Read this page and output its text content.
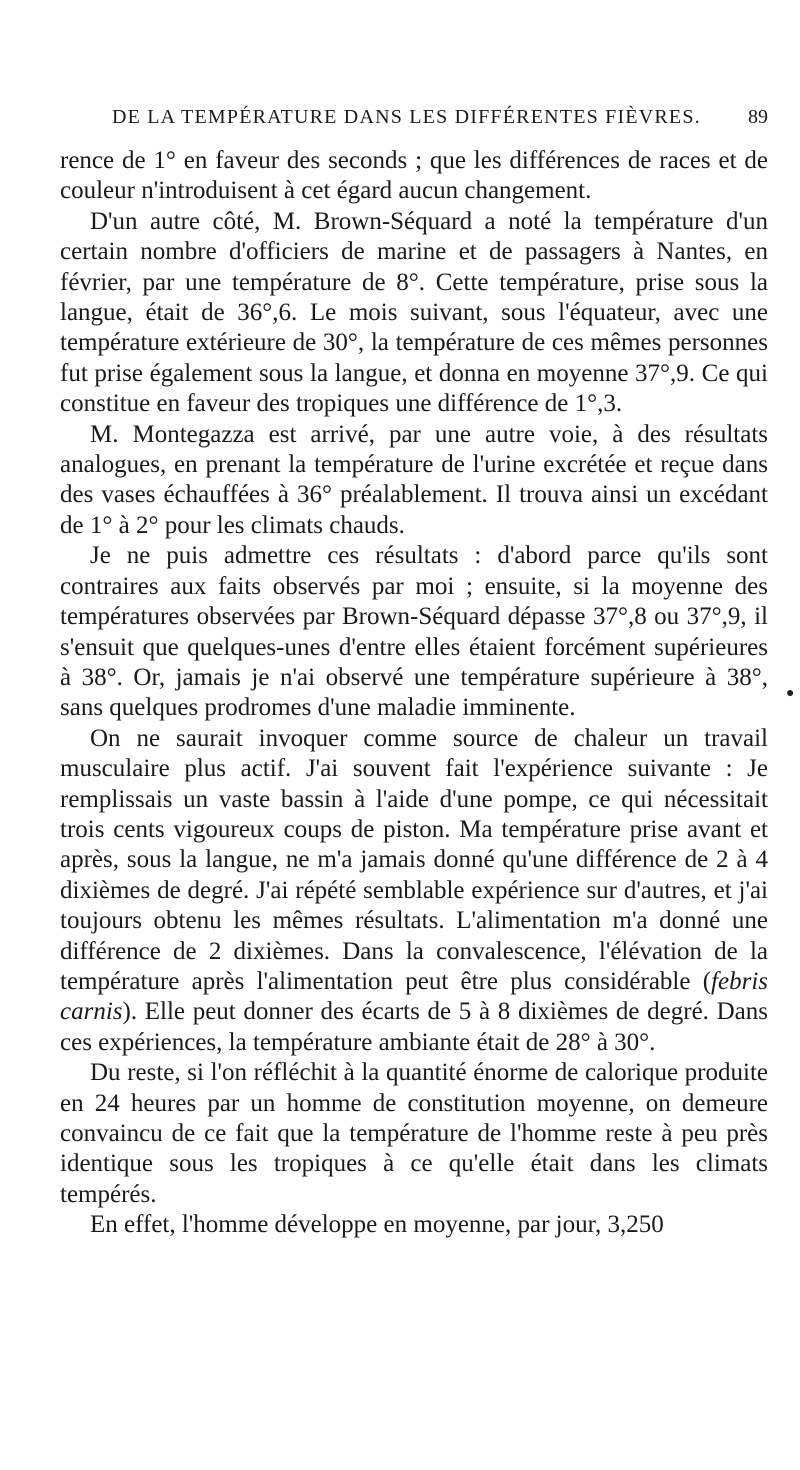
DE LA TEMPÉRATURE DANS LES DIFFÉRENTES FIÈVRES. 89

rence de 1° en faveur des seconds ; que les différences de races et de couleur n'introduisent à cet égard aucun changement.

D'un autre côté, M. Brown-Séquard a noté la température d'un certain nombre d'officiers de marine et de passagers à Nantes, en février, par une température de 8°. Cette température, prise sous la langue, était de 36°,6. Le mois suivant, sous l'équateur, avec une température extérieure de 30°, la température de ces mêmes personnes fut prise également sous la langue, et donna en moyenne 37°,9. Ce qui constitue en faveur des tropiques une différence de 1°,3.

M. Montegazza est arrivé, par une autre voie, à des résultats analogues, en prenant la température de l'urine excrétée et reçue dans des vases échauffées à 36° préalablement. Il trouva ainsi un excédant de 1° à 2° pour les climats chauds.

Je ne puis admettre ces résultats : d'abord parce qu'ils sont contraires aux faits observés par moi ; ensuite, si la moyenne des températures observées par Brown-Séquard dépasse 37°,8 ou 37°,9, il s'ensuit que quelques-unes d'entre elles étaient forcément supérieures à 38°. Or, jamais je n'ai observé une température supérieure à 38°, sans quelques prodromes d'une maladie imminente.

On ne saurait invoquer comme source de chaleur un travail musculaire plus actif. J'ai souvent fait l'expérience suivante : Je remplissais un vaste bassin à l'aide d'une pompe, ce qui nécessitait trois cents vigoureux coups de piston. Ma température prise avant et après, sous la langue, ne m'a jamais donné qu'une différence de 2 à 4 dixièmes de degré. J'ai répété semblable expérience sur d'autres, et j'ai toujours obtenu les mêmes résultats. L'alimentation m'a donné une différence de 2 dixièmes. Dans la convalescence, l'élévation de la température après l'alimentation peut être plus considérable (febris carnis). Elle peut donner des écarts de 5 à 8 dixièmes de degré. Dans ces expériences, la température ambiante était de 28° à 30°.

Du reste, si l'on réfléchit à la quantité énorme de calorique produite en 24 heures par un homme de constitution moyenne, on demeure convaincu de ce fait que la température de l'homme reste à peu près identique sous les tropiques à ce qu'elle était dans les climats tempérés.

En effet, l'homme développe en moyenne, par jour, 3,250

●
